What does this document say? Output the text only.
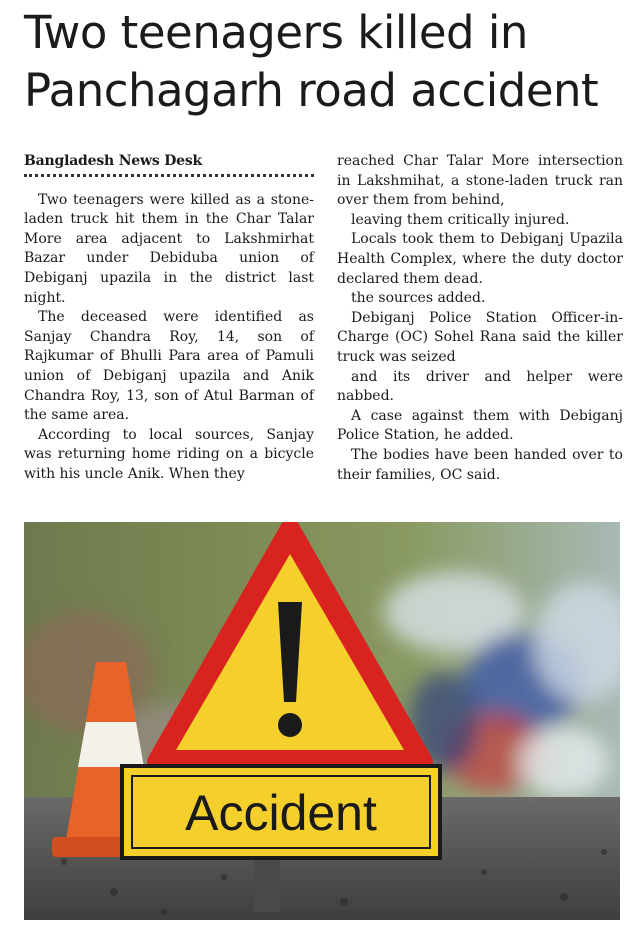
Two teenagers killed in
Panchagarh road accident
Bangladesh News Desk

Two teenagers were killed as a stone-laden truck hit them in the Char Talar More area adjacent to Lakshmirhat Bazar under Debiduba union of Debiganj upazila in the district last night.

The deceased were identified as Sanjay Chandra Roy, 14, son of Rajkumar of Bhulli Para area of Pamuli union of Debiganj upazila and Anik Chandra Roy, 13, son of Atul Barman of the same area.

According to local sources, Sanjay was returning home riding on a bicycle with his uncle Anik. When they

reached Char Talar More intersection in Lakshmihat, a stone-laden truck ran over them from behind,

leaving them critically injured.

Locals took them to Debiganj Upazila Health Complex, where the duty doctor declared them dead.

the sources added.

Debiganj Police Station Officer-in-Charge (OC) Sohel Rana said the killer truck was seized

and its driver and helper were nabbed.

A case against them with Debiganj Police Station, he added.

The bodies have been handed over to their families, OC said.

Accident
